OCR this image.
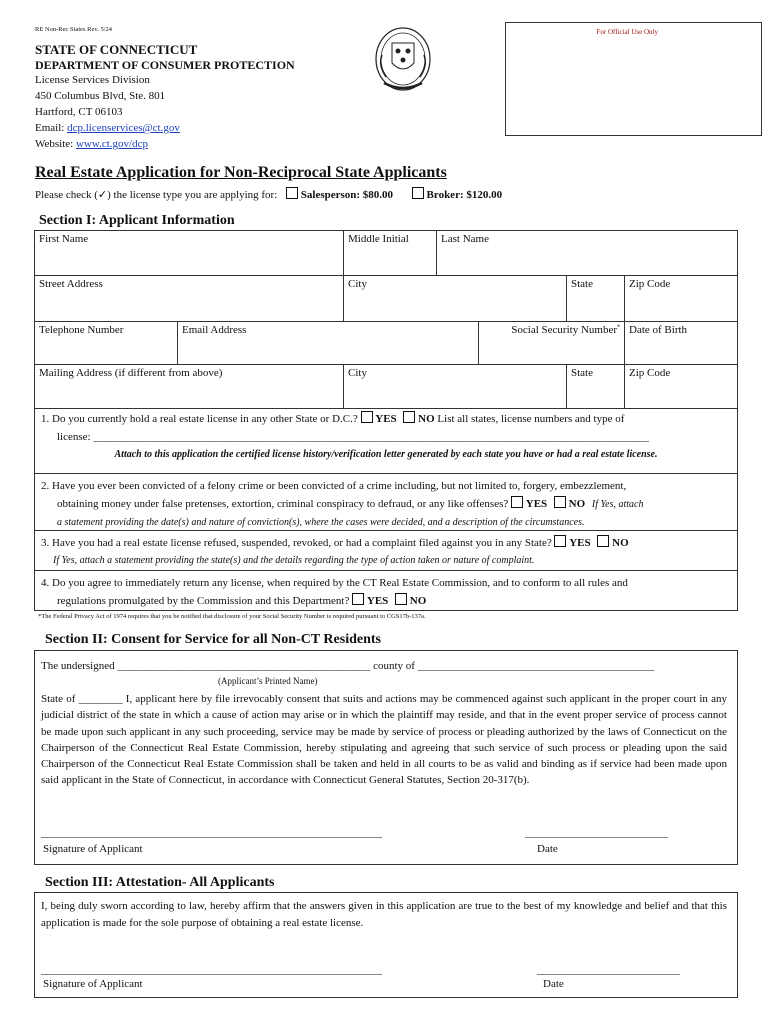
RE Non-Rec States Rev. 5/24	For Official Use Only
STATE OF CONNECTICUT
DEPARTMENT OF CONSUMER PROTECTION
License Services Division
450 Columbus Blvd, Ste. 801
Hartford, CT 06103
Email: dcp.licenservices@ct.gov
Website: www.ct.gov/dcp
Real Estate Application for Non-Reciprocal State Applicants
Please check (✓) the license type you are applying for: Salesperson: $80.00	Broker: $120.00
Section I: Applicant Information
First Name	Middle Initial	Last Name
Street Address	City	State	Zip Code
Telephone Number	Email Address	Social Security Number* Date of Birth
Mailing Address (if different from above)	City	State	Zip Code
1. Do you currently hold a real estate license in any other State or D.C.? YES NO List all states, license numbers and type of
license: _____________________________________________________________________________________________________
Attach to this application the certified license history/verification letter generated by each state you have or had a real estate license.
2. Have you ever been convicted of a felony crime or been convicted of a crime including, but not limited to, forgery, embezzlement,
obtaining money under false pretenses, extortion, criminal conspiracy to defraud, or any like offenses? YES NO If Yes, attach
a statement providing the date(s) and nature of conviction(s), where the cases were decided, and a description of the circumstances.
3. Have you had a real estate license refused, suspended, revoked, or had a complaint filed against you in any State? YES NO
If Yes, attach a statement providing the state(s) and the details regarding the type of action taken or nature of complaint.
4. Do you agree to immediately return any license, when required by the CT Real Estate Commission, and to conform to all rules and
regulations promulgated by the Commission and this Department? YES NO
*The Federal Privacy Act of 1974 requires that you be notified that disclosure of your Social Security Number is required pursuant to CGS17b-137a.
Section II: Consent for Service for all Non-CT Residents
The undersigned ______________________________________________ county of ___________________________________________
(Applicant’s Printed Name)
State of ________ I, applicant here by file irrevocably consent that suits and actions may be commenced against such applicant in the proper court in any judicial district of the state in which a cause of action may arise or in which the plaintiff may reside, and that in the event proper service of process cannot be made upon such applicant in any such proceeding, service may be made by service of process or pleading authorized by the laws of Connecticut on the Chairperson of the Connecticut Real Estate Commission, hereby stipulating and agreeing that such service of such process or pleading upon the said Chairperson of the Connecticut Real Estate Commission shall be taken and held in all courts to be as valid and binding as if service had been made upon said applicant in the State of Connecticut, in accordance with Connecticut General Statutes, Section 20-317(b).
______________________________________________________________
Signature of Applicant
__________________________
Date
Section III: Attestation- All Applicants
I, being duly sworn according to law, hereby affirm that the answers given in this application are true to the best of my knowledge and belief and that this application is made for the sole purpose of obtaining a real estate license.
______________________________________________________________
Signature of Applicant
__________________________
Date
